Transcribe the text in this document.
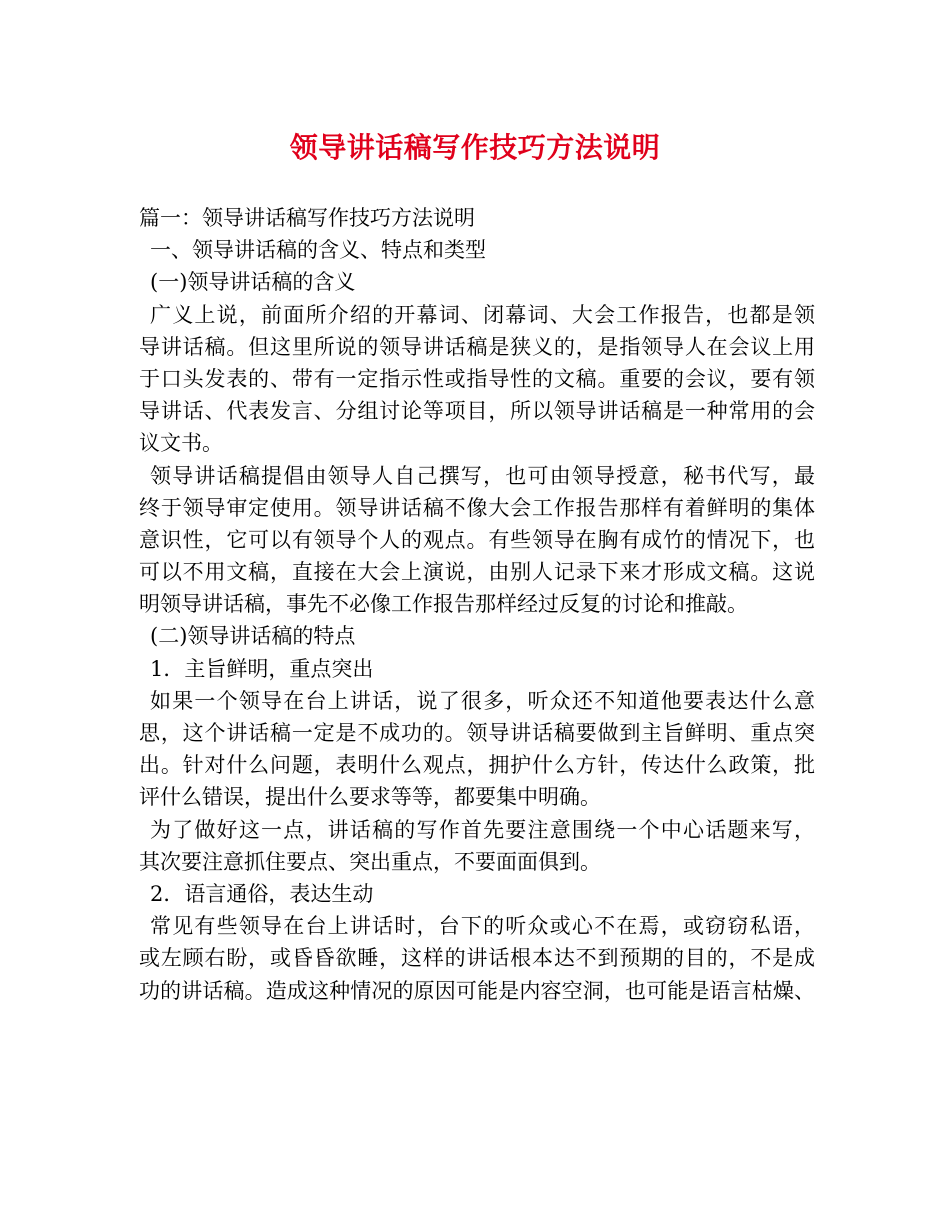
领导讲话稿写作技巧方法说明
篇一：领导讲话稿写作技巧方法说明
一、领导讲话稿的含义、特点和类型
(一)领导讲话稿的含义
广义上说，前面所介绍的开幕词、闭幕词、大会工作报告，也都是领
导讲话稿。但这里所说的领导讲话稿是狭义的，是指领导人在会议上用
于口头发表的、带有一定指示性或指导性的文稿。重要的会议，要有领
导讲话、代表发言、分组讨论等项目，所以领导讲话稿是一种常用的会
议文书。
领导讲话稿提倡由领导人自己撰写，也可由领导授意，秘书代写，最
终于领导审定使用。领导讲话稿不像大会工作报告那样有着鲜明的集体
意识性，它可以有领导个人的观点。有些领导在胸有成竹的情况下，也
可以不用文稿，直接在大会上演说，由别人记录下来才形成文稿。这说
明领导讲话稿，事先不必像工作报告那样经过反复的讨论和推敲。
(二)领导讲话稿的特点
1．主旨鲜明，重点突出
如果一个领导在台上讲话，说了很多，听众还不知道他要表达什么意
思，这个讲话稿一定是不成功的。领导讲话稿要做到主旨鲜明、重点突
出。针对什么问题，表明什么观点，拥护什么方针，传达什么政策，批
评什么错误，提出什么要求等等，都要集中明确。
为了做好这一点，讲话稿的写作首先要注意围绕一个中心话题来写，
其次要注意抓住要点、突出重点，不要面面俱到。
2．语言通俗，表达生动
常见有些领导在台上讲话时，台下的听众或心不在焉，或窃窃私语，
或左顾右盼，或昏昏欲睡，这样的讲话根本达不到预期的目的，不是成
功的讲话稿。造成这种情况的原因可能是内容空洞，也可能是语言枯燥、
